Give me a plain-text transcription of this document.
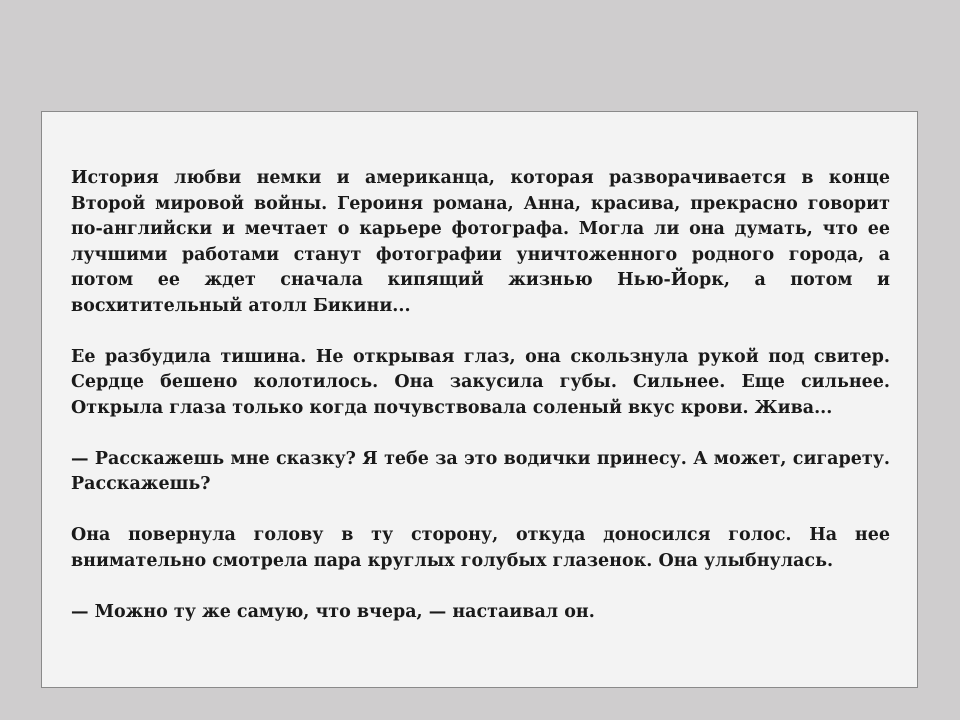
История любви немки и американца, которая разворачивается в конце Второй мировой войны. Героиня романа, Анна, красива, прекрасно говорит по-английски и мечтает о карьере фотографа. Могла ли она думать, что ее лучшими работами станут фотографии уничтоженного родного города, а потом ее ждет сначала кипящий жизнью Нью-Йорк, а потом и восхитительный атолл Бикини...

Ее разбудила тишина. Не открывая глаз, она скользнула рукой под свитер. Сердце бешено колотилось. Она закусила губы. Сильнее. Еще сильнее. Открыла глаза только когда почувствовала соленый вкус крови. Жива...

— Расскажешь мне сказку? Я тебе за это водички принесу. А может, сигарету. Расскажешь?

Она повернула голову в ту сторону, откуда доносился голос. На нее внимательно смотрела пара круглых голубых глазенок. Она улыбнулась.

— Можно ту же самую, что вчера, — настаивал он.
